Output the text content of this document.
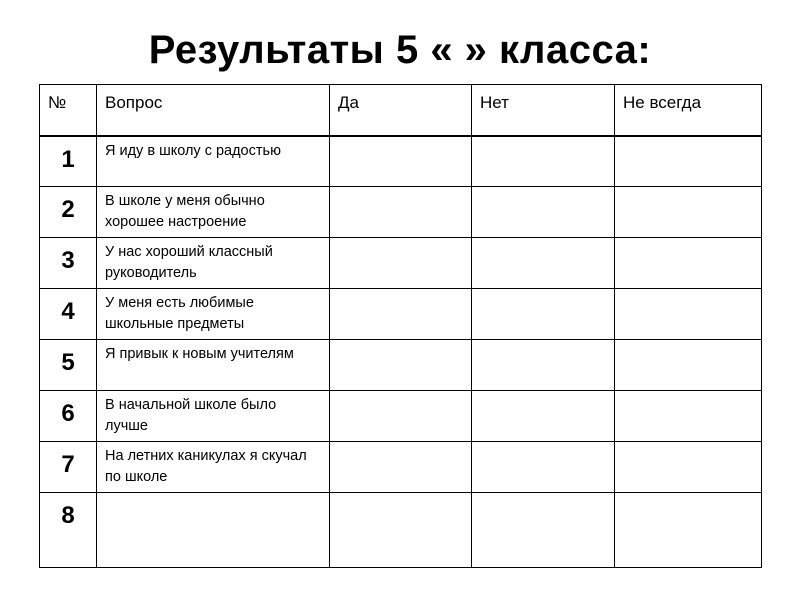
Результаты 5 « » класса:
№	Вопрос	Да	Нет	Не всегда
1	Я иду в школу с радостью			
2	В школе у меня обычно хорошее настроение			
3	У нас хороший классный руководитель			
4	У меня есть любимые школьные предметы			
5	Я привык к новым учителям			
6	В начальной школе было лучше			
7	На летних каникулах я скучал по школе			
8				
